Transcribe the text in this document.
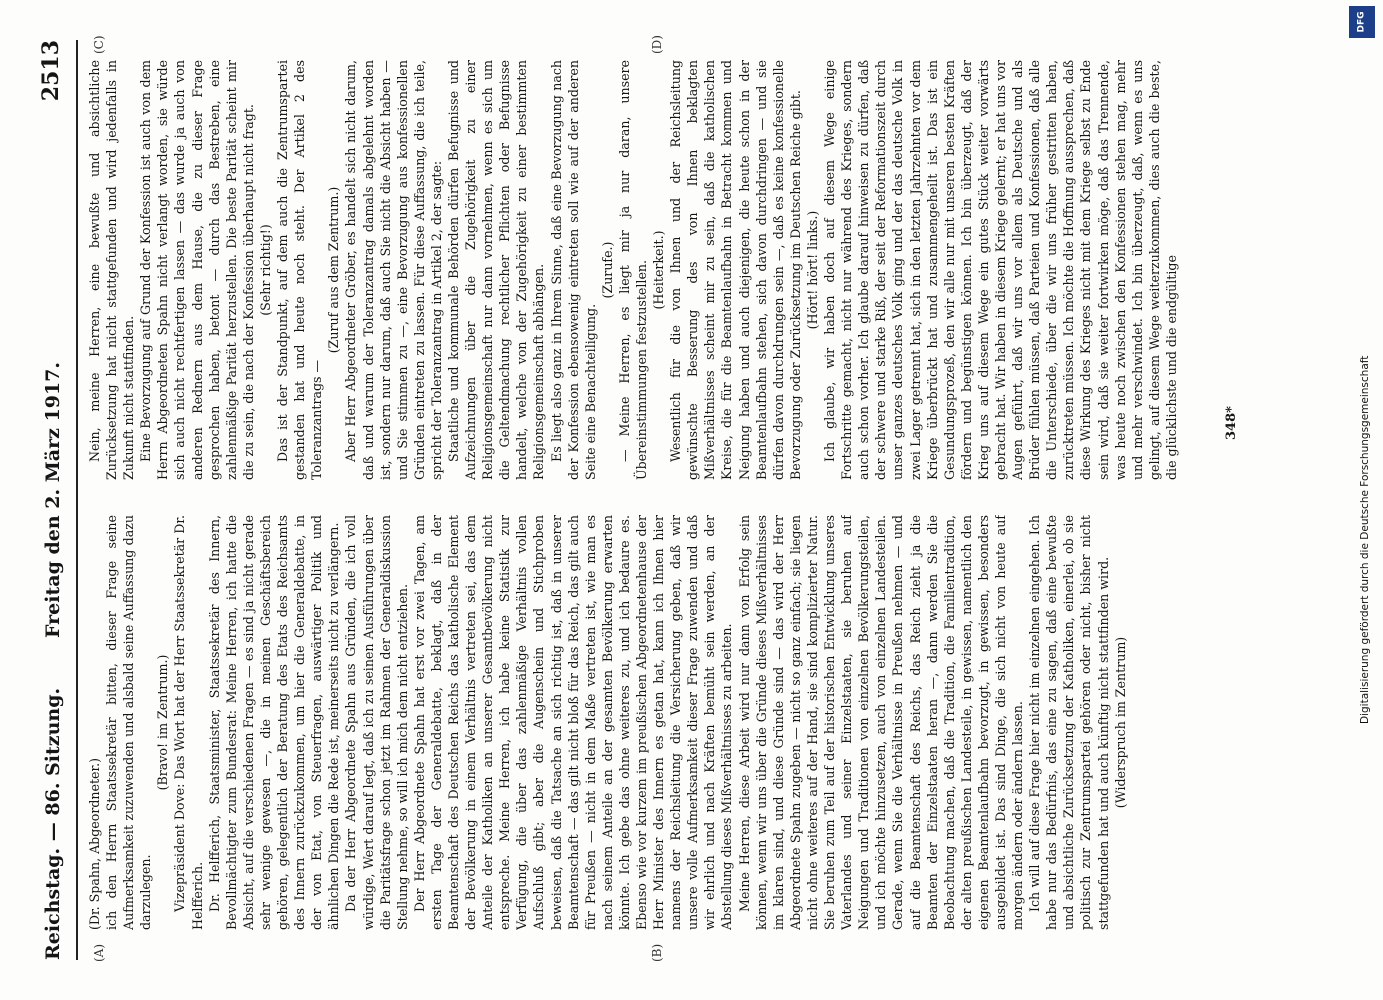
Reichstag. — 86. Sitzung.
Freitag den 2. März 1917.
2513
(A)	(B)
(C)	(D)

(Dr. Spahn, Abgeordneter.) ich den Herrn Staatssekretär bitten, dieser Frage seine Aufmerksamkeit zuzuwenden und alsbald seine Auffassung dazu darzulegen.

(Bravo! im Zentrum.) Vizepräsident Dove: Das Wort hat der Herr Staatssekretär Dr. Helfferich. Dr. Helfferich, Staatsminister, Staatssekretär des Innern, Bevollmächtigter zum Bundesrat: Meine Herren, ich hatte die Absicht, auf die verschiedenen Fragen — es sind ja nicht gerade sehr wenige gewesen —, die in meinen Geschäftsbereich gehören, gelegentlich der Beratung des Etats des Reichsamts des Innern zurückzukommen, um hier die Generaldebatte, in der von Etat, von Steuerfragen, auswärtiger Politik und ähnlichen Dingen die Rede ist, meinerseits nicht zu verlängern. Da der Herr Abgeordnete Spahn aus Gründen, die ich voll würdige, Wert darauf legt, daß ich zu seinen Ausführungen über die Paritätsfrage schon jetzt im Rahmen der Generaldiskussion Stellung nehme, so will ich mich dem nicht entziehen. Der Herr Abgeordnete Spahn hat erst vor zwei Tagen, am ersten Tage der Generaldebatte, beklagt, daß in der Beamtenschaft des Deutschen Reichs das katholische Element der Bevölkerung in einem Verhältnis vertreten sei, das dem Anteile der Katholiken an unserer Gesamtbevölkerung nicht entspreche. Meine Herren, ich habe keine Statistik zur Verfügung, die über das zahlenmäßige Verhältnis vollen Aufschluß gibt; aber die Augenschein und Stichproben beweisen, daß die Tatsache an sich richtig ist, daß in unserer Beamtenschaft — das gilt nicht bloß für das Reich, das gilt auch für Preußen — nicht in dem Maße vertreten ist, wie man es nach seinem Anteile an der gesamten Bevölkerung erwarten könnte. Ich gebe das ohne weiteres zu, und ich bedaure es. Ebenso wie vor kurzem im preußischen Abgeordnetenhause der Herr Minister des Innern es getan hat, kann ich Ihnen hier namens der Reichsleitung die Versicherung geben, daß wir unsere volle Aufmerksamkeit dieser Frage zuwenden und daß wir ehrlich und nach Kräften bemüht sein werden, an der Abstellung dieses Mißverhältnisses zu arbeiten. Meine Herren, diese Arbeit wird nur dann von Erfolg sein können, wenn wir uns über die Gründe dieses Mißverhältnisses im klaren sind, und diese Gründe sind — das wird der Herr Abgeordnete Spahn zugeben — nicht so ganz einfach; sie liegen nicht ohne weiteres auf der Hand, sie sind komplizierter Natur. Sie beruhen zum Teil auf der historischen Entwicklung unseres Vaterlandes und seiner Einzelstaaten, sie beruhen auf Neigungen und Traditionen von einzelnen Bevölkerungsteilen, und ich möchte hinzusetzen, auch von einzelnen Landesteilen. Gerade, wenn Sie die Verhältnisse in Preußen nehmen — und auf die Beamtenschaft des Reichs, das Reich zieht ja die Beamten der Einzelstaaten heran —, dann werden Sie die Beobachtung machen, daß die Tradition, die Familientradition, der alten preußischen Landesteile, in gewissen, namentlich den eigenen Beamtenlaufbahn bevorzugt, in gewissen, besonders ausgebildet ist. Das sind Dinge, die sich nicht von heute auf morgen ändern oder ändern lassen. Ich will auf diese Frage hier nicht im einzelnen eingehen. Ich habe nur das Bedürfnis, das eine zu sagen, daß eine bewußte und absichtliche Zurücksetzung der Katholiken, einerlei, ob sie politisch zur Zentrumspartei gehören oder nicht, bisher nicht stattgefunden hat und auch künftig nicht stattfinden wird. (Widerspruch im Zentrum)

Nein, meine Herren, eine bewußte und absichtliche Zurücksetzung hat nicht stattgefunden und wird jedenfalls in Zukunft nicht stattfinden. Eine Bevorzugung auf Grund der Konfession ist auch von dem Herrn Abgeordneten Spahn nicht verlangt worden, sie würde sich auch nicht rechtfertigen lassen — das wurde ja auch von anderen Rednern aus dem Hause, die zu dieser Frage gesprochen haben, betont — durch das Bestreben, eine zahlenmäßige Parität herzustellen. Die beste Parität scheint mir die zu sein, die nach der Konfession überhaupt nicht fragt. (Sehr richtig!) Das ist der Standpunkt, auf dem auch die Zentrumspartei gestanden hat und heute noch steht. Der Artikel 2 des Toleranzantrags —

(Zuruf aus dem Zentrum.) Aber Herr Abgeordneter Gröber, es handelt sich nicht darum, daß und warum der Toleranzantrag damals abgelehnt worden ist, sondern nur darum, daß auch Sie nicht die Absicht haben — und Sie stimmen zu —, eine Bevorzugung aus konfessionellen Gründen eintreten zu lassen. Für diese Auffassung, die ich teile, spricht der Toleranzantrag in Artikel 2, der sagte: Staatliche und kommunale Behörden dürfen Befugnisse und Aufzeichnungen über die Zugehörigkeit zu einer Religionsgemeinschaft nur dann vornehmen, wenn es sich um die Geltendmachung rechtlicher Pflichten oder Befugnisse handelt, welche von der Zugehörigkeit zu einer bestimmten Religionsgemeinschaft abhängen. Es liegt also ganz in Ihrem Sinne, daß eine Bevorzugung nach der Konfession ebensowenig eintreten soll wie auf der anderen Seite eine Benachteiligung.

(Zurufe.) — Meine Herren, es liegt mir ja nur daran, unsere Übereinstimmungen festzustellen. (Heiterkeit.) Wesentlich für die von Ihnen und der Reichsleitung gewünschte Besserung des von Ihnen beklagten Mißverhältnisses scheint mir zu sein, daß die katholischen Kreise, die für die Beamtenlaufbahn in Betracht kommen und Neigung haben und auch diejenigen, die heute schon in der Beamtenlaufbahn stehen, sich davon durchdringen — und sie dürfen davon durchdrungen sein —, daß es keine konfessionelle Bevorzugung oder Zurücksetzung im Deutschen Reiche gibt. (Hört! hört! links.) Ich glaube, wir haben doch auf diesem Wege einige Fortschritte gemacht, nicht nur während des Krieges, sondern auch schon vorher. Ich glaube darauf hinweisen zu dürfen, daß der schwere und starke Riß, der seit der Reformationszeit durch unser ganzes deutsches Volk ging und der das deutsche Volk in zwei Lager getrennt hat, sich in den letzten Jahrzehnten vor dem Kriege überbrückt hat und zusammengeheilt ist. Das ist ein Gesundungsprozeß, den wir alle nur mit unseren besten Kräften fördern und begünstigen können. Ich bin überzeugt, daß der Krieg uns auf diesem Wege ein gutes Stück weiter vorwärts gebracht hat. Wir haben in diesem Kriege gelernt; er hat uns vor Augen geführt, daß wir uns vor allem als Deutsche und als Brüder fühlen müssen, daß Parteien und Konfessionen, daß alle die Unterschiede, über die wir uns früher gestritten haben, zurücktreten müssen. Ich möchte die Hoffnung aussprechen, daß diese Wirkung des Krieges nicht mit dem Kriege selbst zu Ende sein wird, daß sie weiter fortwirken möge, daß das Trennende, was heute noch zwischen den Konfessionen stehen mag, mehr und mehr verschwindet. Ich bin überzeugt, daß, wenn es uns gelingt, auf diesem Wege weiterzukommen, dies auch die beste, die glücklichste und die endgültige	348*
DFG
Digitalisierung gefördert durch die Deutsche Forschungsgemeinschaft
